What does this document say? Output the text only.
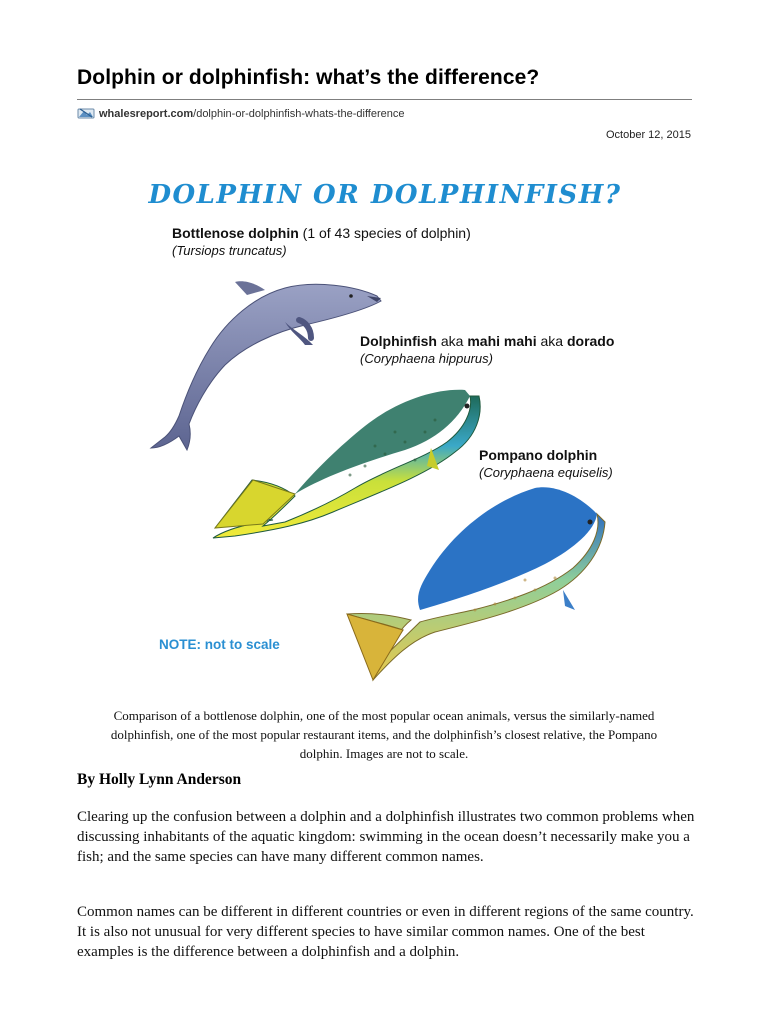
Dolphin or dolphinfish: what’s the difference?
whalesreport.com /dolphin-or-dolphinfish-whats-the-difference
October 12, 2015
DOLPHIN OR DOLPHINFISH?
Bottlenose dolphin (1 of 43 species of dolphin)
(Tursiops truncatus)
Dolphinfish aka mahi mahi aka dorado
(Coryphaena hippurus)
Pompano dolphin
(Coryphaena equiselis)
NOTE: not to scale
Comparison of a bottlenose dolphin, one of the most popular ocean animals, versus the similarly-named dolphinfish, one of the most popular restaurant items, and the dolphinfish’s closest relative, the Pompano dolphin. Images are not to scale.
By Holly Lynn Anderson

Clearing up the confusion between a dolphin and a dolphinfish illustrates two common problems when discussing inhabitants of the aquatic kingdom: swimming in the ocean doesn’t necessarily make you a fish; and the same species can have many different common names.

Common names can be different in different countries or even in different regions of the same country. It is also not unusual for very different species to have similar common names. One of the best examples is the difference between a dolphinfish and a dolphin.
